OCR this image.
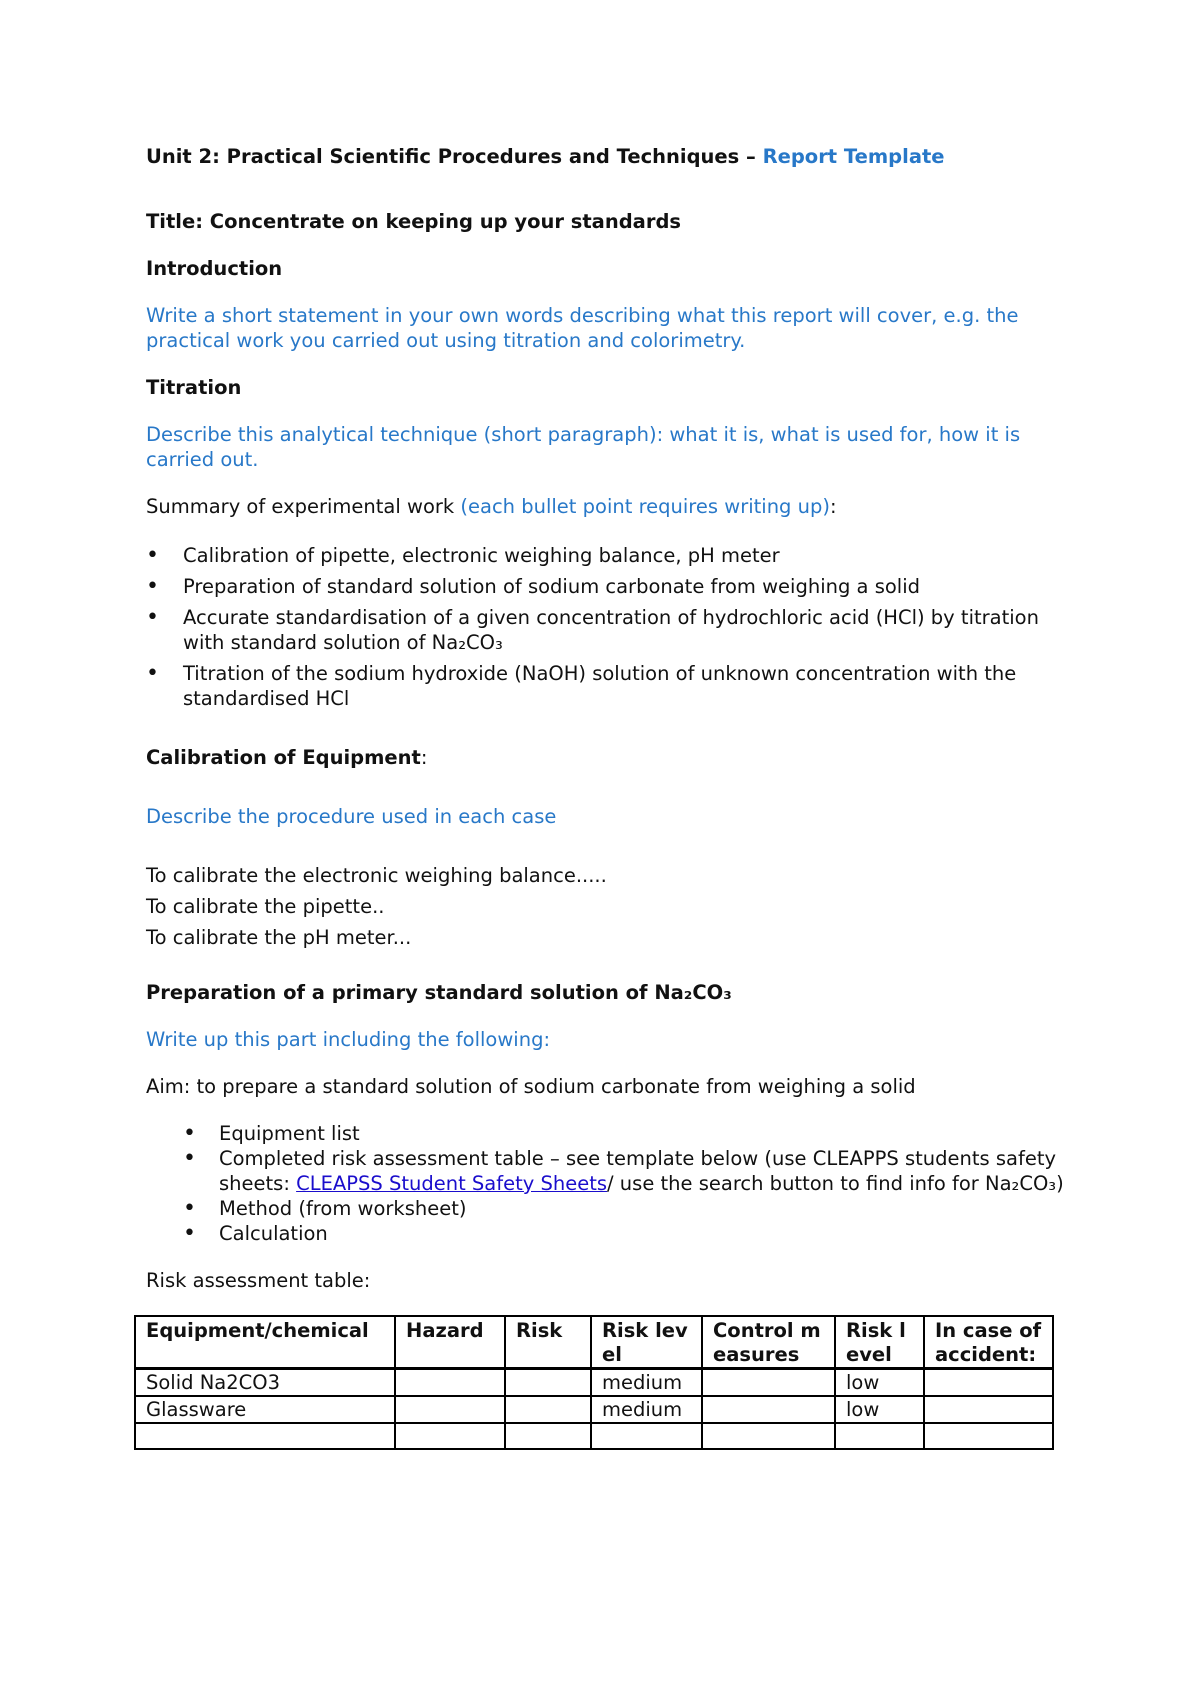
Unit 2: Practical Scientific Procedures and Techniques – Report Template

Title: Concentrate on keeping up your standards

Introduction

Write a short statement in your own words describing what this report will cover, e.g. the practical work you carried out using titration and colorimetry.

Titration

Describe this analytical technique (short paragraph): what it is, what is used for, how it is carried out.

Summary of experimental work (each bullet point requires writing up):

• Calibration of pipette, electronic weighing balance, pH meter
• Preparation of standard solution of sodium carbonate from weighing a solid
• Accurate standardisation of a given concentration of hydrochloric acid (HCl) by titration with standard solution of Na₂CO₃
• Titration of the sodium hydroxide (NaOH) solution of unknown concentration with the standardised HCl

Calibration of Equipment:

Describe the procedure used in each case

To calibrate the electronic weighing balance.....

To calibrate the pipette..

To calibrate the pH meter...

Preparation of a primary standard solution of Na₂CO₃

Write up this part including the following:

Aim: to prepare a standard solution of sodium carbonate from weighing a solid

• Equipment list
• Completed risk assessment table – see template below (use CLEAPPS students safety sheets: CLEAPSS Student Safety Sheets/ use the search button to find info for Na₂CO₃)
• Method (from worksheet)
• Calculation

Risk assessment table:

Equipment/chemical	Hazard	Risk	Risk level	Control measures	Risk level	In case of accident:
Solid Na2CO3			medium		low	
Glassware			medium		low	
